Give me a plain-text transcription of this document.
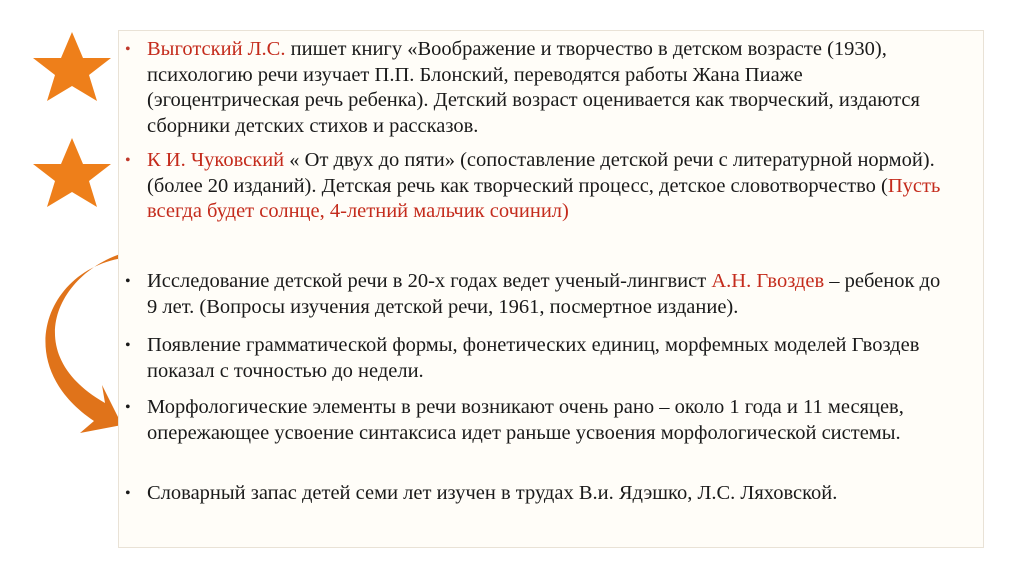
• Выготский Л.С. пишет книгу «Воображение и творчество в детском возрасте (1930), психологию речи изучает П.П. Блонский, переводятся работы Жана Пиаже (эгоцентрическая речь ребенка). Детский возраст оценивается как творческий, издаются сборники детских стихов и рассказов.
• К И. Чуковский « От двух до пяти» (сопоставление детской речи с литературной нормой). (более 20 изданий). Детская речь как творческий процесс, детское словотворчество (Пусть всегда будет солнце, 4-летний мальчик сочинил)
• Исследование детской речи в 20-х годах ведет ученый-лингвист А.Н. Гвоздев – ребенок до 9 лет. (Вопросы изучения детской речи, 1961, посмертное издание).
• Появление грамматической формы, фонетических единиц, морфемных моделей Гвоздев показал с точностью до недели.
• Морфологические элементы в речи возникают очень рано – около 1 года и 11 месяцев, опережающее усвоение синтаксиса идет раньше усвоения морфологической системы.
• Словарный запас детей семи лет изучен в трудах В.и. Ядэшко, Л.С. Ляховской.
